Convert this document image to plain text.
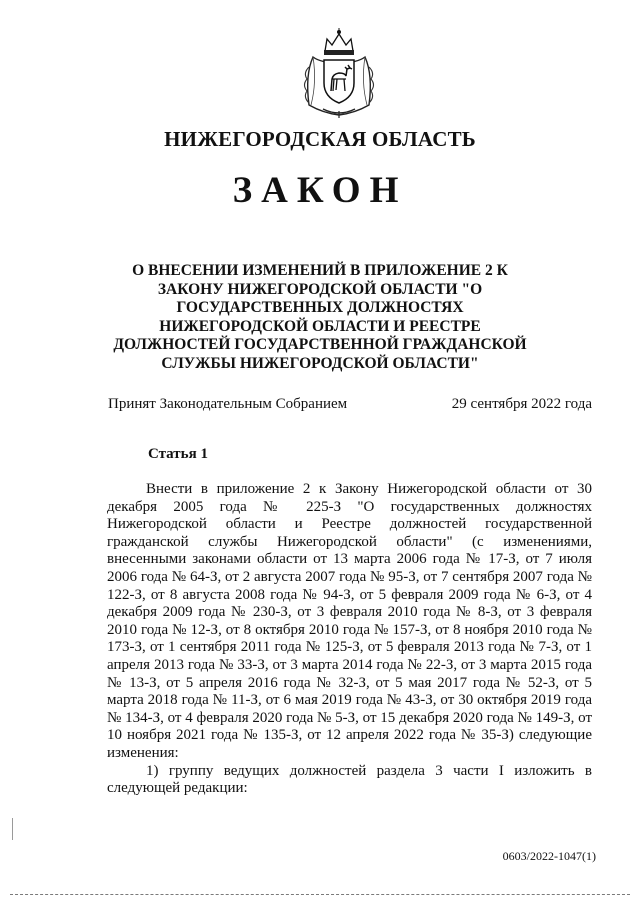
НИЖЕГОРОДСКАЯ ОБЛАСТЬ
ЗАКОН
О ВНЕСЕНИИ ИЗМЕНЕНИЙ В ПРИЛОЖЕНИЕ 2 К ЗАКОНУ НИЖЕГОРОДСКОЙ ОБЛАСТИ "О ГОСУДАРСТВЕННЫХ ДОЛЖНОСТЯХ НИЖЕГОРОДСКОЙ ОБЛАСТИ И РЕЕСТРЕ ДОЛЖНОСТЕЙ ГОСУДАРСТВЕННОЙ ГРАЖДАНСКОЙ СЛУЖБЫ НИЖЕГОРОДСКОЙ ОБЛАСТИ"
Принят Законодательным Собранием	29 сентября 2022 года
Статья 1

Внести в приложение 2 к Закону Нижегородской области от 30 декабря 2005 года № 225-З "О государственных должностях Нижегородской области и Реестре должностей государственной гражданской службы Нижегородской области" (с изменениями, внесенными законами области от 13 марта 2006 года № 17-З, от 7 июля 2006 года № 64-З, от 2 августа 2007 года № 95-З, от 7 сентября 2007 года № 122-З, от 8 августа 2008 года № 94-З, от 5 февраля 2009 года № 6-З, от 4 декабря 2009 года № 230-З, от 3 февраля 2010 года № 8-З, от 3 февраля 2010 года № 12-З, от 8 октября 2010 года № 157-З, от 8 ноября 2010 года № 173-З, от 1 сентября 2011 года № 125-З, от 5 февраля 2013 года № 7-З, от 1 апреля 2013 года № 33-З, от 3 марта 2014 года № 22-З, от 3 марта 2015 года № 13-З, от 5 апреля 2016 года № 32-З, от 5 мая 2017 года № 52-З, от 5 марта 2018 года № 11-З, от 6 мая 2019 года № 43-З, от 30 октября 2019 года № 134-З, от 4 февраля 2020 года № 5-З, от 15 декабря 2020 года № 149-З, от 10 ноября 2021 года № 135-З, от 12 апреля 2022 года № 35-З) следующие изменения:

1) группу ведущих должностей раздела 3 части I изложить в следующей редакции:

0603/2022-1047(1)
